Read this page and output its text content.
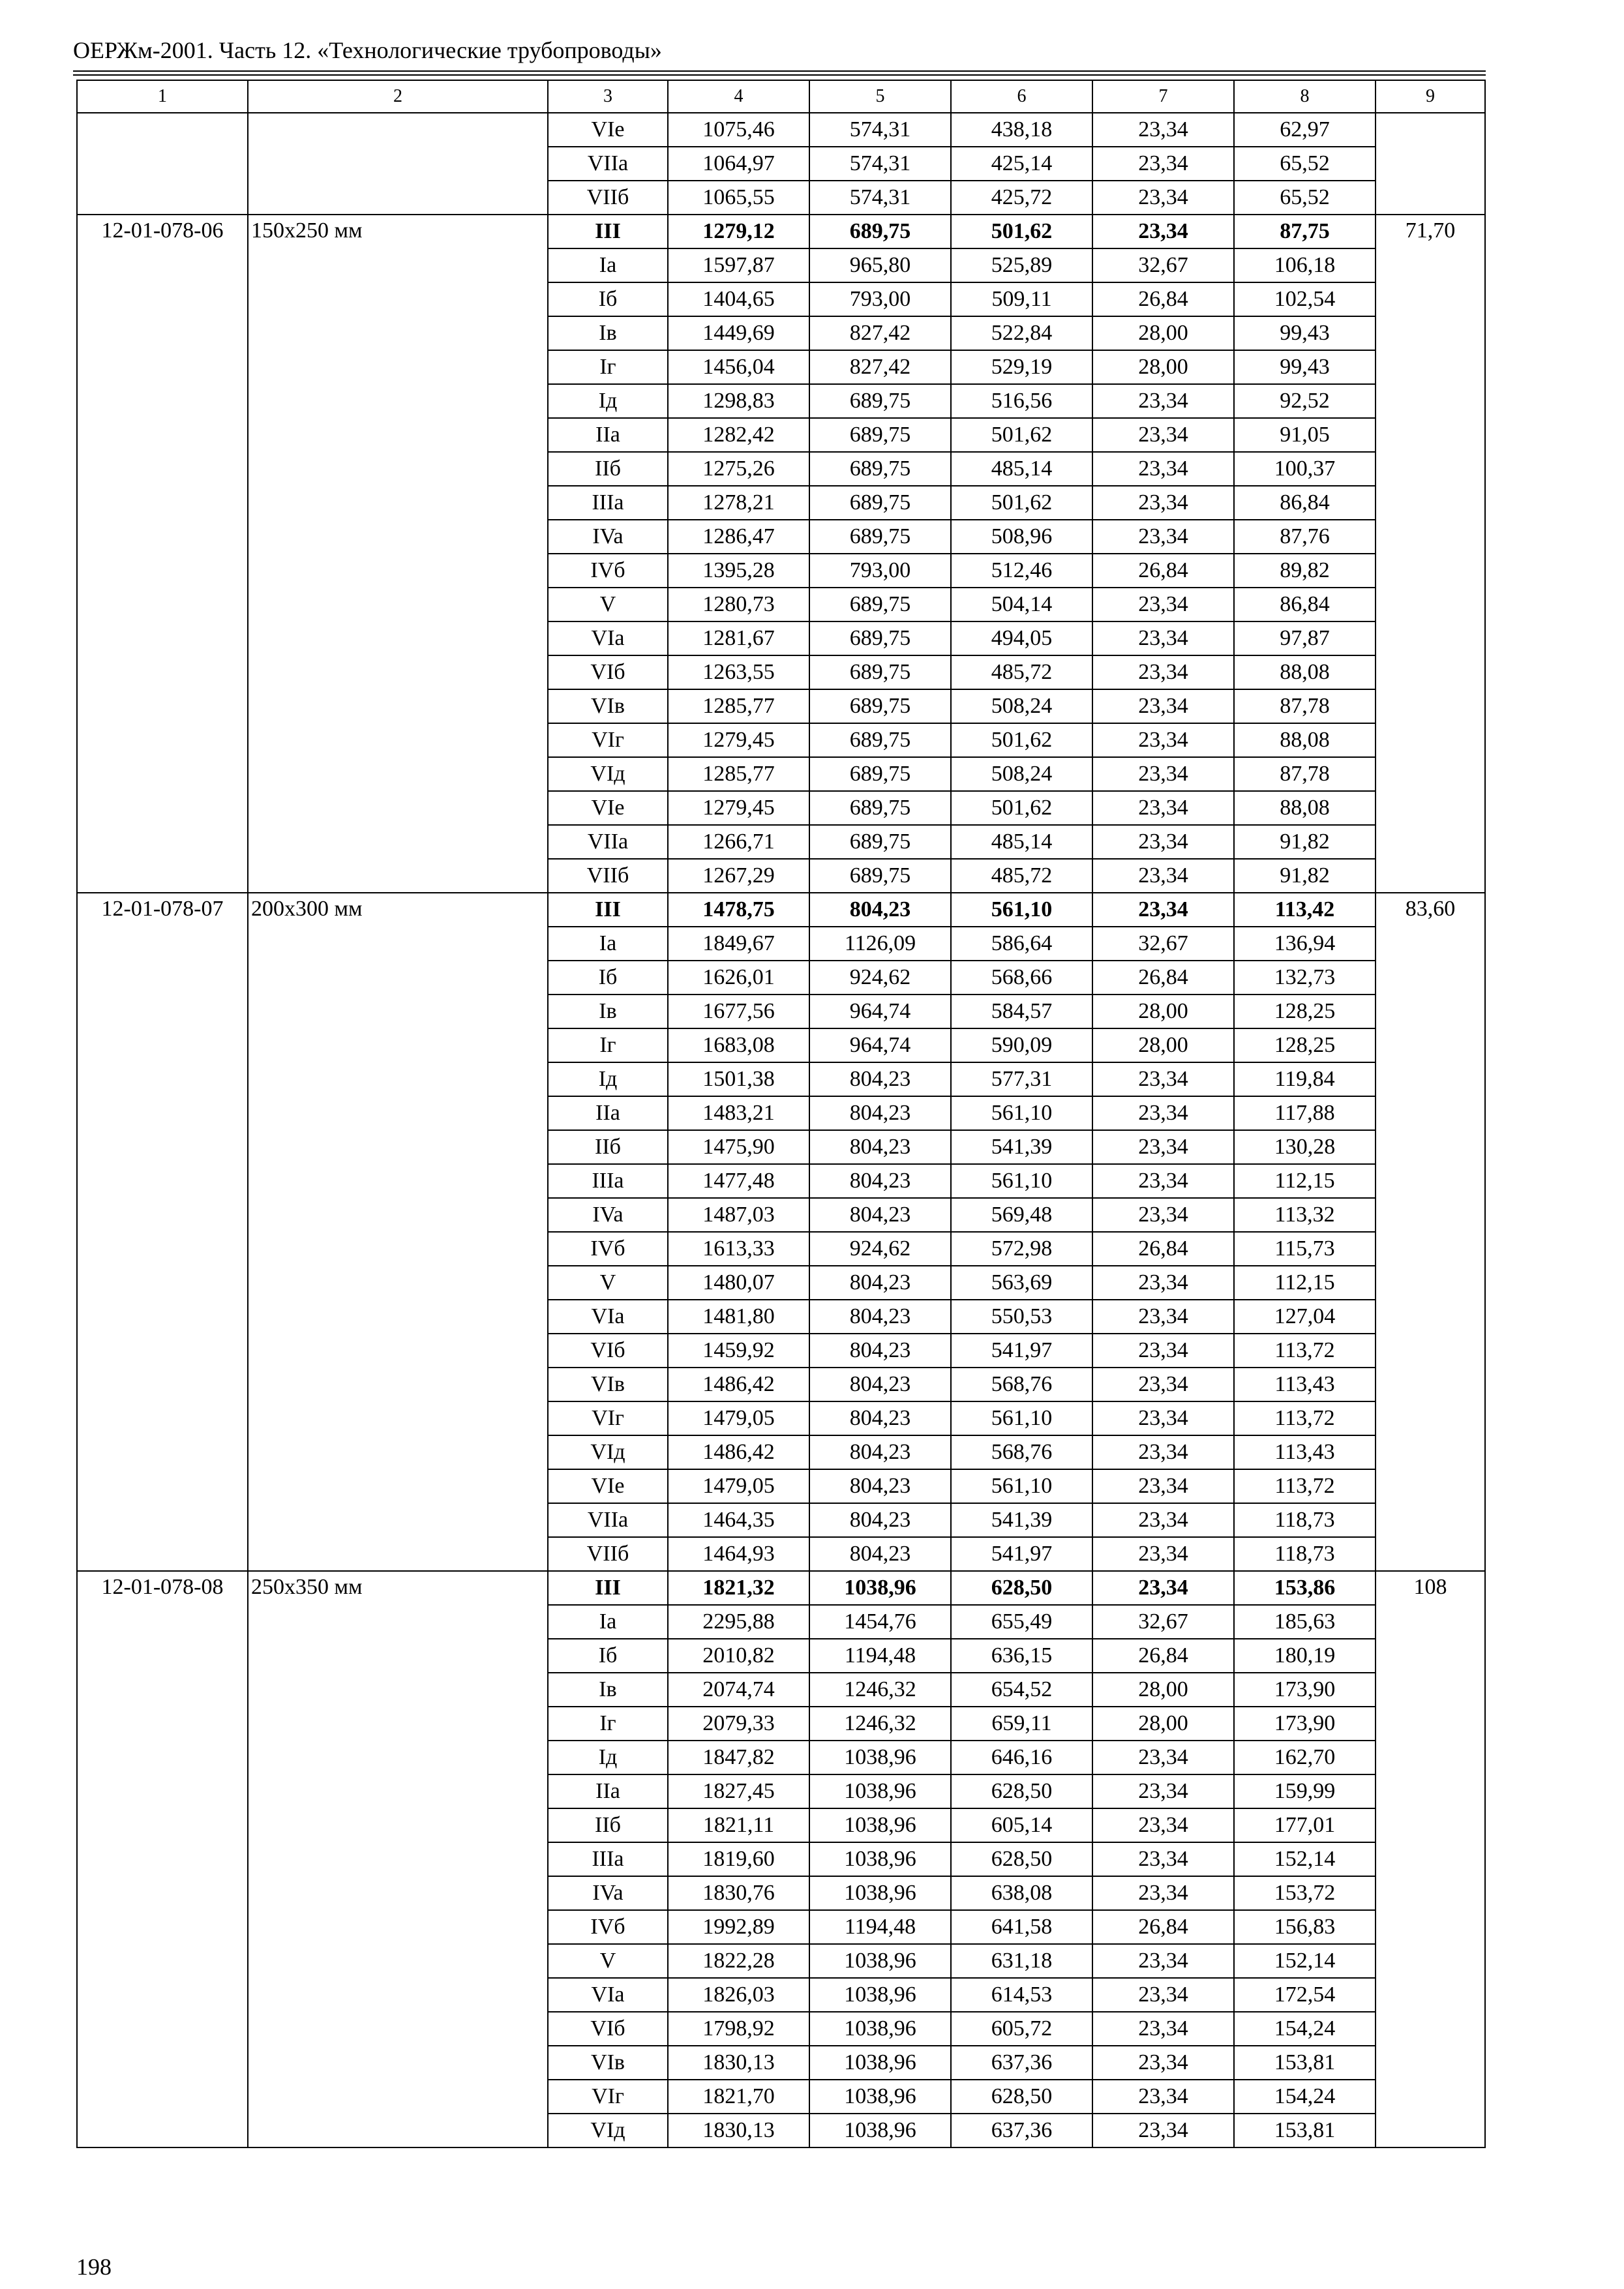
ОЕРЖм-2001. Часть 12. «Технологические трубопроводы»
1	2	3	4	5	6	7	8	9
		VIe	1075,46	574,31	438,18	23,34	62,97	
		VIIa	1064,97	574,31	425,14	23,34	65,52	
		VIIб	1065,55	574,31	425,72	23,34	65,52	
12-01-078-06	150x250 мм	III	1279,12	689,75	501,62	23,34	87,75	71,70
		Ia	1597,87	965,80	525,89	32,67	106,18	
		Iб	1404,65	793,00	509,11	26,84	102,54	
		Iв	1449,69	827,42	522,84	28,00	99,43	
		Iг	1456,04	827,42	529,19	28,00	99,43	
		Iд	1298,83	689,75	516,56	23,34	92,52	
		IIa	1282,42	689,75	501,62	23,34	91,05	
		IIб	1275,26	689,75	485,14	23,34	100,37	
		IIIa	1278,21	689,75	501,62	23,34	86,84	
		IVa	1286,47	689,75	508,96	23,34	87,76	
		IVб	1395,28	793,00	512,46	26,84	89,82	
		V	1280,73	689,75	504,14	23,34	86,84	
		VIa	1281,67	689,75	494,05	23,34	97,87	
		VIб	1263,55	689,75	485,72	23,34	88,08	
		VIв	1285,77	689,75	508,24	23,34	87,78	
		VIг	1279,45	689,75	501,62	23,34	88,08	
		VIд	1285,77	689,75	508,24	23,34	87,78	
		VIe	1279,45	689,75	501,62	23,34	88,08	
		VIIa	1266,71	689,75	485,14	23,34	91,82	
		VIIб	1267,29	689,75	485,72	23,34	91,82	
12-01-078-07	200x300 мм	III	1478,75	804,23	561,10	23,34	113,42	83,60
		Ia	1849,67	1126,09	586,64	32,67	136,94	
		Iб	1626,01	924,62	568,66	26,84	132,73	
		Iв	1677,56	964,74	584,57	28,00	128,25	
		Iг	1683,08	964,74	590,09	28,00	128,25	
		Iд	1501,38	804,23	577,31	23,34	119,84	
		IIa	1483,21	804,23	561,10	23,34	117,88	
		IIб	1475,90	804,23	541,39	23,34	130,28	
		IIIa	1477,48	804,23	561,10	23,34	112,15	
		IVa	1487,03	804,23	569,48	23,34	113,32	
		IVб	1613,33	924,62	572,98	26,84	115,73	
		V	1480,07	804,23	563,69	23,34	112,15	
		VIa	1481,80	804,23	550,53	23,34	127,04	
		VIб	1459,92	804,23	541,97	23,34	113,72	
		VIв	1486,42	804,23	568,76	23,34	113,43	
		VIг	1479,05	804,23	561,10	23,34	113,72	
		VIд	1486,42	804,23	568,76	23,34	113,43	
		VIe	1479,05	804,23	561,10	23,34	113,72	
		VIIa	1464,35	804,23	541,39	23,34	118,73	
		VIIб	1464,93	804,23	541,97	23,34	118,73	
12-01-078-08	250x350 мм	III	1821,32	1038,96	628,50	23,34	153,86	108
		Ia	2295,88	1454,76	655,49	32,67	185,63	
		Iб	2010,82	1194,48	636,15	26,84	180,19	
		Iв	2074,74	1246,32	654,52	28,00	173,90	
		Iг	2079,33	1246,32	659,11	28,00	173,90	
		Iд	1847,82	1038,96	646,16	23,34	162,70	
		IIa	1827,45	1038,96	628,50	23,34	159,99	
		IIб	1821,11	1038,96	605,14	23,34	177,01	
		IIIa	1819,60	1038,96	628,50	23,34	152,14	
		IVa	1830,76	1038,96	638,08	23,34	153,72	
		IVб	1992,89	1194,48	641,58	26,84	156,83	
		V	1822,28	1038,96	631,18	23,34	152,14	
		VIa	1826,03	1038,96	614,53	23,34	172,54	
		VIб	1798,92	1038,96	605,72	23,34	154,24	
		VIв	1830,13	1038,96	637,36	23,34	153,81	
		VIг	1821,70	1038,96	628,50	23,34	154,24	
		VIд	1830,13	1038,96	637,36	23,34	153,81	
198
